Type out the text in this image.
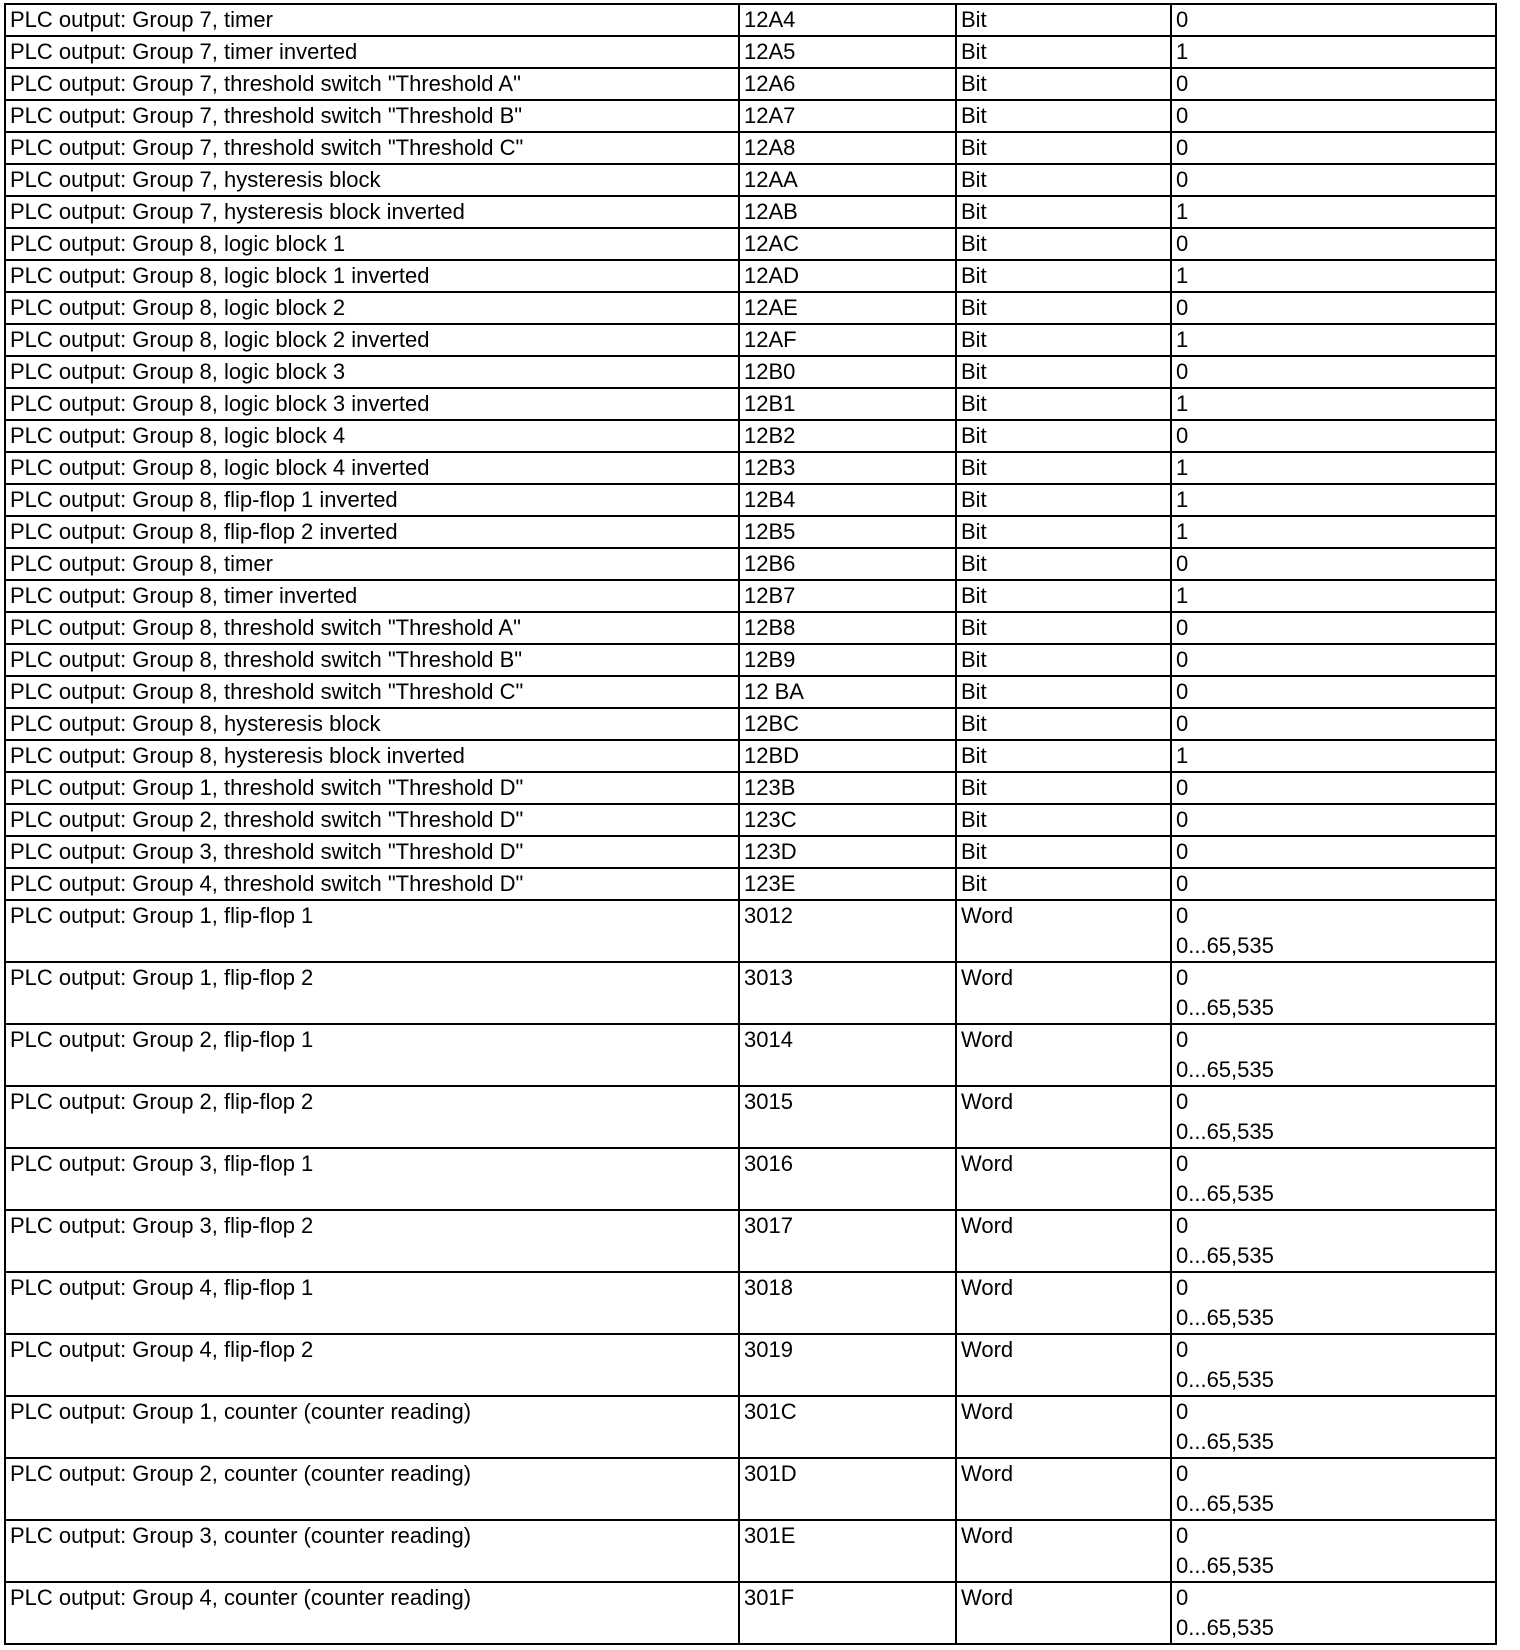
PLC output: Group 7, timer	12A4	Bit	0

PLC output: Group 7, timer inverted	12A5	Bit	1

PLC output: Group 7, threshold switch "Threshold A"	12A6	Bit	0

PLC output: Group 7, threshold switch "Threshold B"	12A7	Bit	0

PLC output: Group 7, threshold switch "Threshold C"	12A8	Bit	0

PLC output: Group 7, hysteresis block	12AA	Bit	0

PLC output: Group 7, hysteresis block inverted	12AB	Bit	1

PLC output: Group 8, logic block 1	12AC	Bit	0

PLC output: Group 8, logic block 1 inverted	12AD	Bit	1

PLC output: Group 8, logic block 2	12AE	Bit	0

PLC output: Group 8, logic block 2 inverted	12AF	Bit	1

PLC output: Group 8, logic block 3	12B0	Bit	0

PLC output: Group 8, logic block 3 inverted	12B1	Bit	1

PLC output: Group 8, logic block 4	12B2	Bit	0

PLC output: Group 8, logic block 4 inverted	12B3	Bit	1

PLC output: Group 8, flip-flop 1 inverted	12B4	Bit	1

PLC output: Group 8, flip-flop 2 inverted	12B5	Bit	1

PLC output: Group 8, timer	12B6	Bit	0

PLC output: Group 8, timer inverted	12B7	Bit	1

PLC output: Group 8, threshold switch "Threshold A"	12B8	Bit	0

PLC output: Group 8, threshold switch "Threshold B"	12B9	Bit	0

PLC output: Group 8, threshold switch "Threshold C"	12 BA	Bit	0

PLC output: Group 8, hysteresis block	12BC	Bit	0

PLC output: Group 8, hysteresis block inverted	12BD	Bit	1

PLC output: Group 1, threshold switch "Threshold D"	123B	Bit	0

PLC output: Group 2, threshold switch "Threshold D"	123C	Bit	0

PLC output: Group 3, threshold switch "Threshold D"	123D	Bit	0

PLC output: Group 4, threshold switch "Threshold D"	123E	Bit	0

PLC output: Group 1, flip-flop 1	3012	Word	0
0...65,535

PLC output: Group 1, flip-flop 2	3013	Word	0
0...65,535

PLC output: Group 2, flip-flop 1	3014	Word	0
0...65,535

PLC output: Group 2, flip-flop 2	3015	Word	0
0...65,535

PLC output: Group 3, flip-flop 1	3016	Word	0
0...65,535

PLC output: Group 3, flip-flop 2	3017	Word	0
0...65,535

PLC output: Group 4, flip-flop 1	3018	Word	0
0...65,535

PLC output: Group 4, flip-flop 2	3019	Word	0
0...65,535

PLC output: Group 1, counter (counter reading)	301C	Word	0
0...65,535

PLC output: Group 2, counter (counter reading)	301D	Word	0
0...65,535

PLC output: Group 3, counter (counter reading)	301E	Word	0
0...65,535

PLC output: Group 4, counter (counter reading)	301F	Word	0
0...65,535
